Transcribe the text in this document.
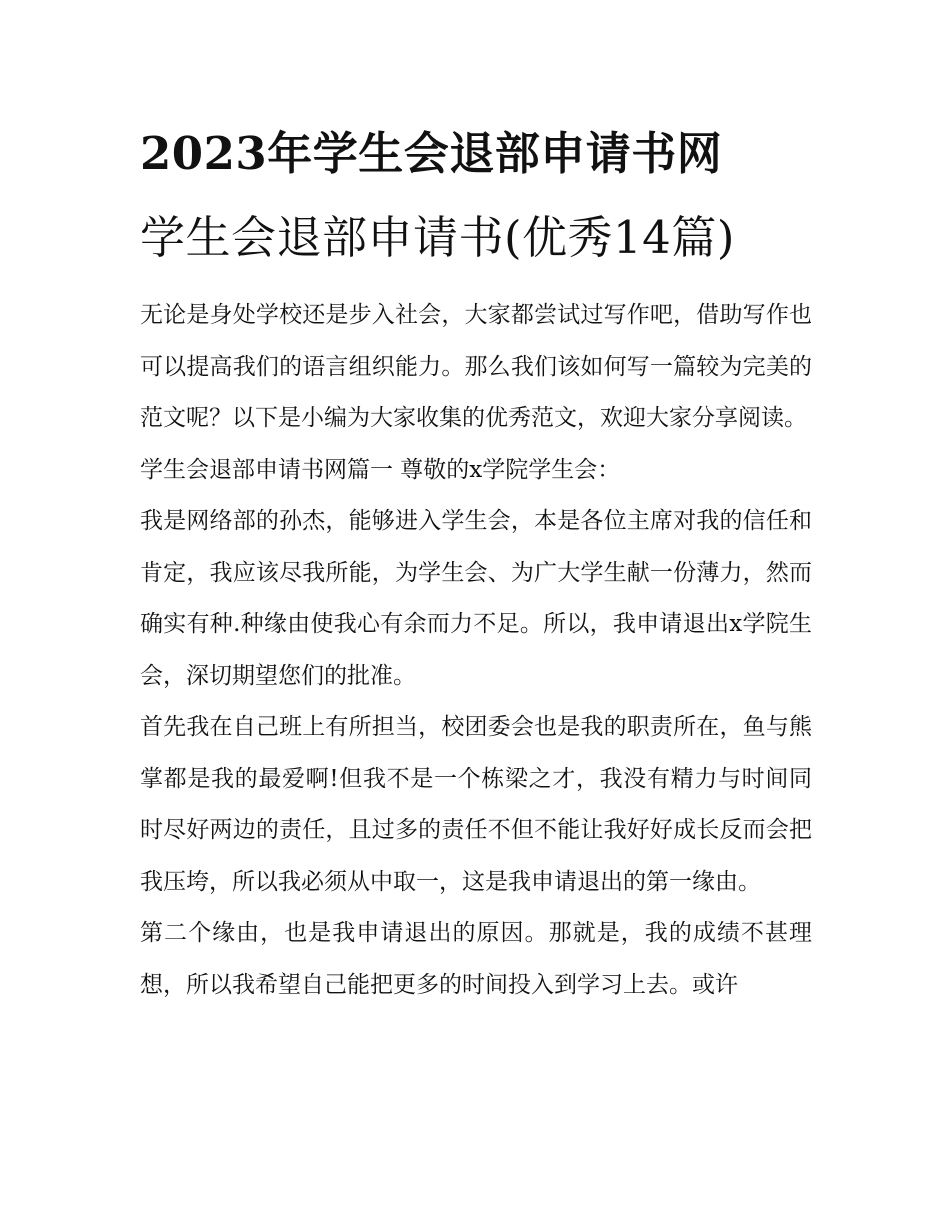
2023年学生会退部申请书网
学生会退部申请书(优秀14篇)

无论是身处学校还是步入社会，大家都尝试过写作吧，借助写作也可以提高我们的语言组织能力。那么我们该如何写一篇较为完美的范文呢？以下是小编为大家收集的优秀范文，欢迎大家分享阅读。

学生会退部申请书网篇一 尊敬的x学院学生会：

我是网络部的孙杰，能够进入学生会，本是各位主席对我的信任和肯定，我应该尽我所能，为学生会、为广大学生献一份薄力，然而确实有种.种缘由使我心有余而力不足。所以，我申请退出x学院生会，深切期望您们的批准。

首先我在自己班上有所担当，校团委会也是我的职责所在，鱼与熊掌都是我的最爱啊!但我不是一个栋梁之才，我没有精力与时间同时尽好两边的责任，且过多的责任不但不能让我好好成长反而会把我压垮，所以我必须从中取一，这是我申请退出的第一缘由。

第二个缘由，也是我申请退出的原因。那就是，我的成绩不甚理想，所以我希望自己能把更多的时间投入到学习上去。或许
